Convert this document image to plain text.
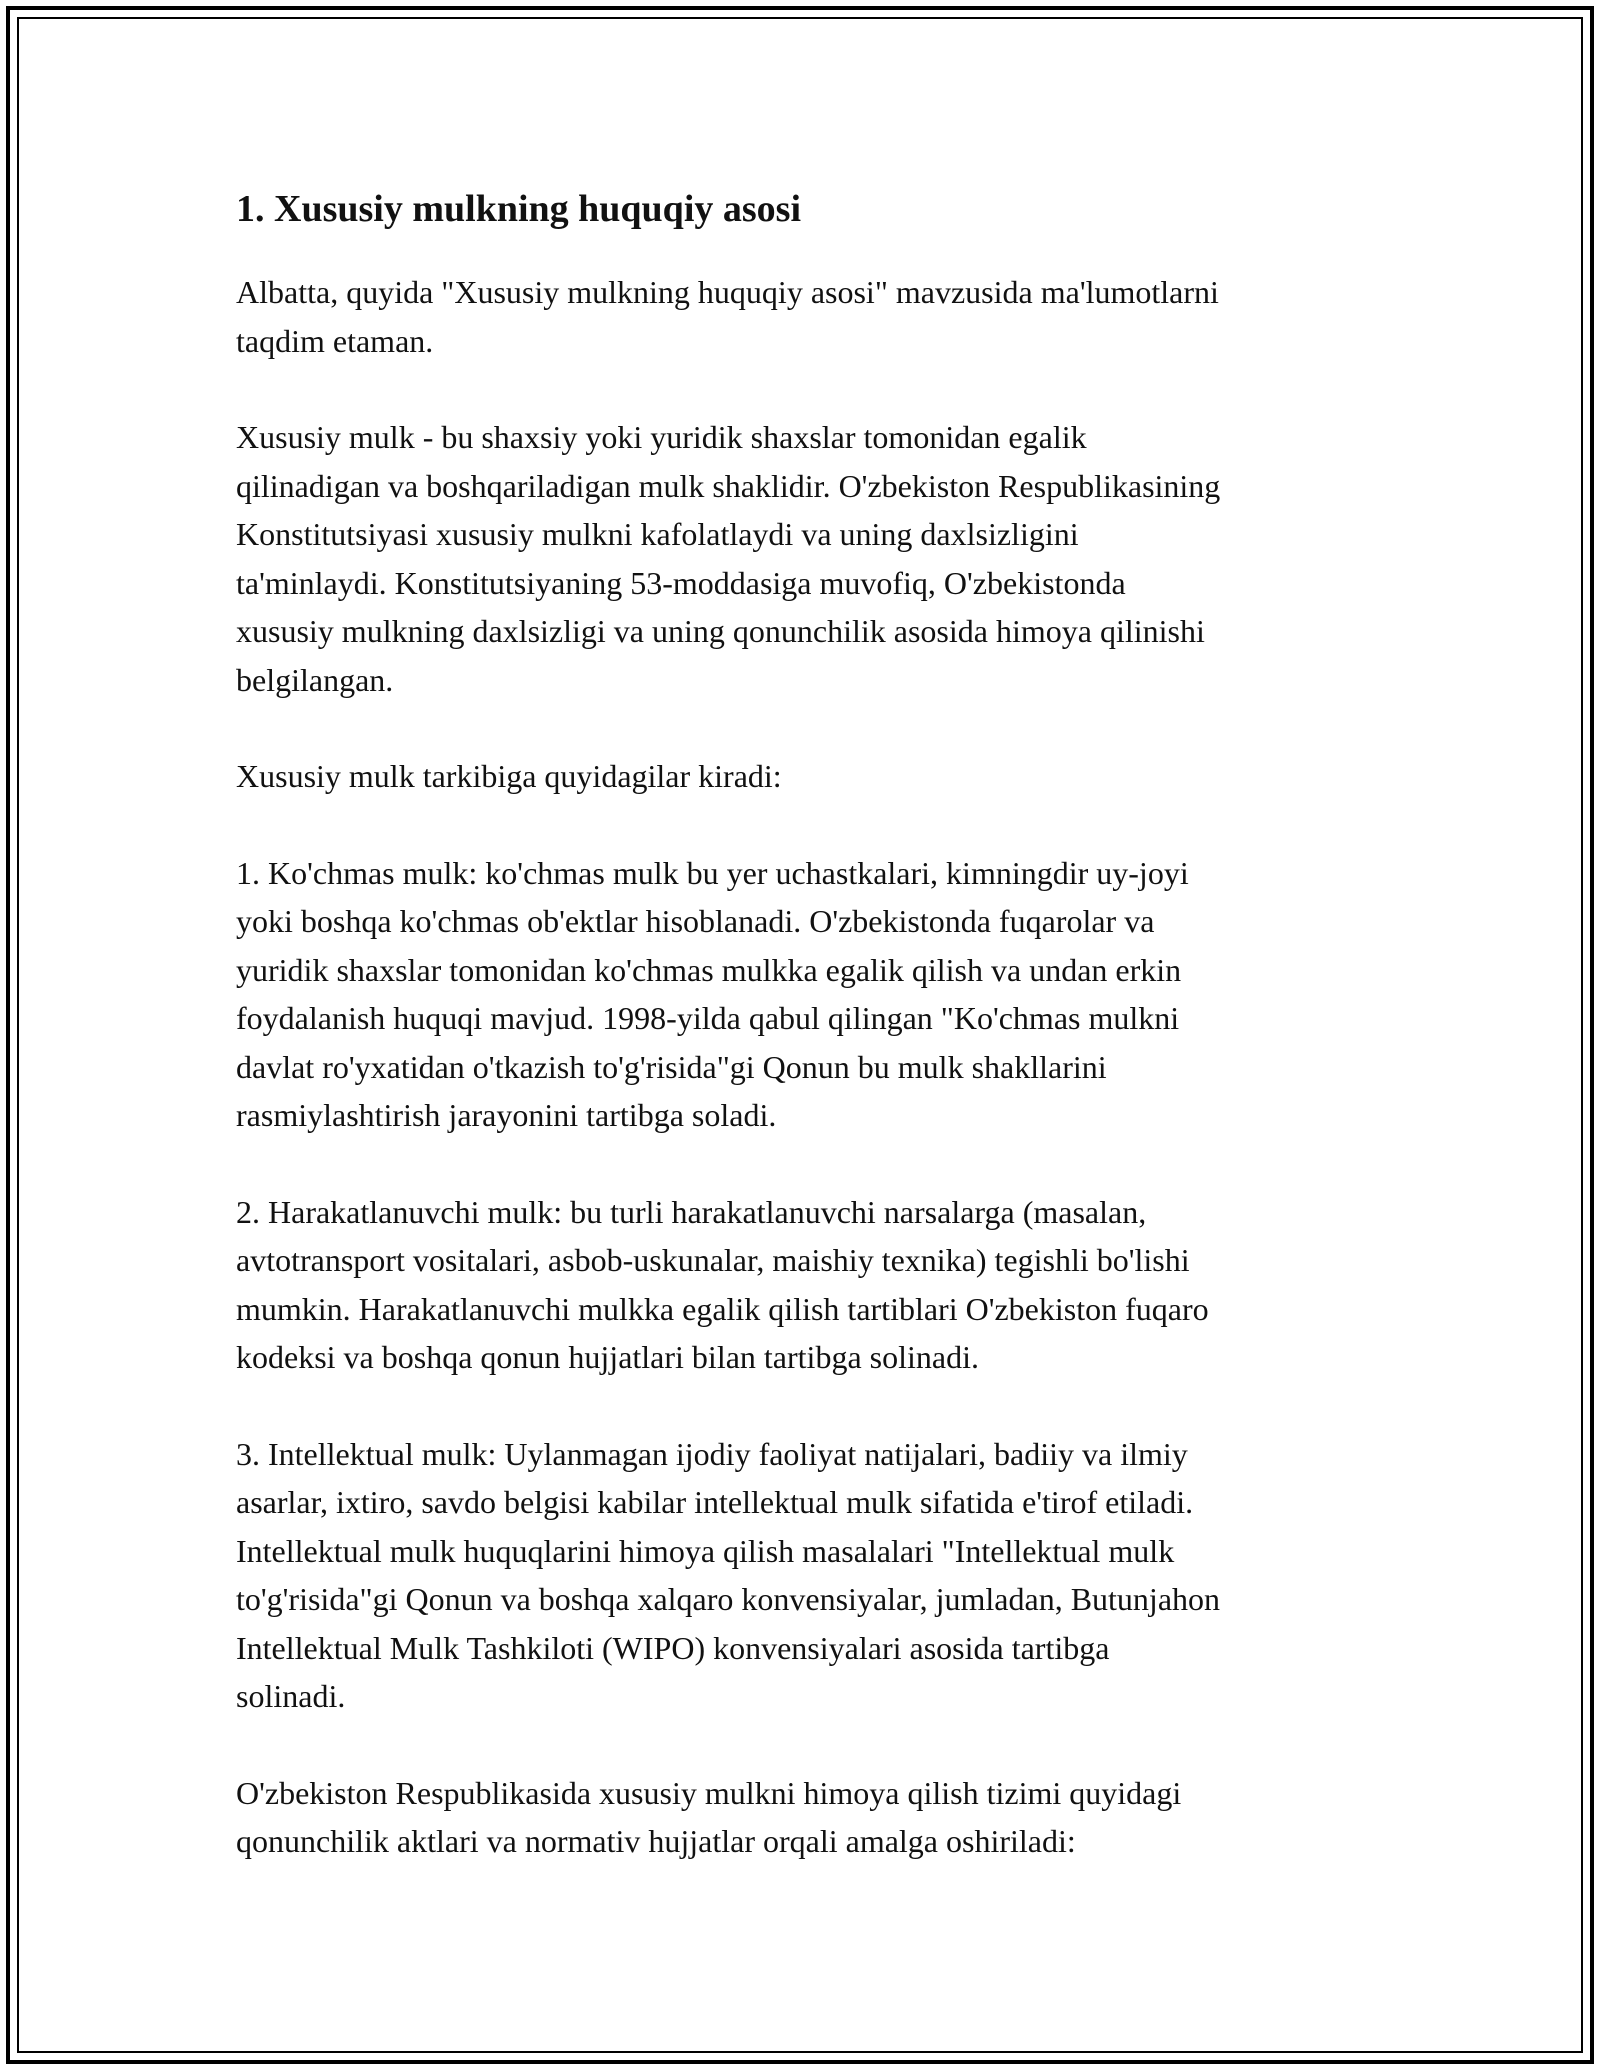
1. Xususiy mulkning huquqiy asosi

Albatta, quyida "Xususiy mulkning huquqiy asosi" mavzusida ma'lumotlarni
taqdim etaman.

Xususiy mulk - bu shaxsiy yoki yuridik shaxslar tomonidan egalik
qilinadigan va boshqariladigan mulk shaklidir. O'zbekiston Respublikasining
Konstitutsiyasi xususiy mulkni kafolatlaydi va uning daxlsizligini
ta'minlaydi. Konstitutsiyaning 53-moddasiga muvofiq, O'zbekistonda
xususiy mulkning daxlsizligi va uning qonunchilik asosida himoya qilinishi
belgilangan.

Xususiy mulk tarkibiga quyidagilar kiradi:

1. Ko'chmas mulk: ko'chmas mulk bu yer uchastkalari, kimningdir uy-joyi
yoki boshqa ko'chmas ob'ektlar hisoblanadi. O'zbekistonda fuqarolar va
yuridik shaxslar tomonidan ko'chmas mulkka egalik qilish va undan erkin
foydalanish huquqi mavjud. 1998-yilda qabul qilingan "Ko'chmas mulkni
davlat ro'yxatidan o'tkazish to'g'risida"gi Qonun bu mulk shakllarini
rasmiylashtirish jarayonini tartibga soladi.

2. Harakatlanuvchi mulk: bu turli harakatlanuvchi narsalarga (masalan,
avtotransport vositalari, asbob-uskunalar, maishiy texnika) tegishli bo'lishi
mumkin. Harakatlanuvchi mulkka egalik qilish tartiblari O'zbekiston fuqaro
kodeksi va boshqa qonun hujjatlari bilan tartibga solinadi.

3. Intellektual mulk: Uylanmagan ijodiy faoliyat natijalari, badiiy va ilmiy
asarlar, ixtiro, savdo belgisi kabilar intellektual mulk sifatida e'tirof etiladi.
Intellektual mulk huquqlarini himoya qilish masalalari "Intellektual mulk
to'g'risida"gi Qonun va boshqa xalqaro konvensiyalar, jumladan, Butunjahon
Intellektual Mulk Tashkiloti (WIPO) konvensiyalari asosida tartibga
solinadi.

O'zbekiston Respublikasida xususiy mulkni himoya qilish tizimi quyidagi
qonunchilik aktlari va normativ hujjatlar orqali amalga oshiriladi:
